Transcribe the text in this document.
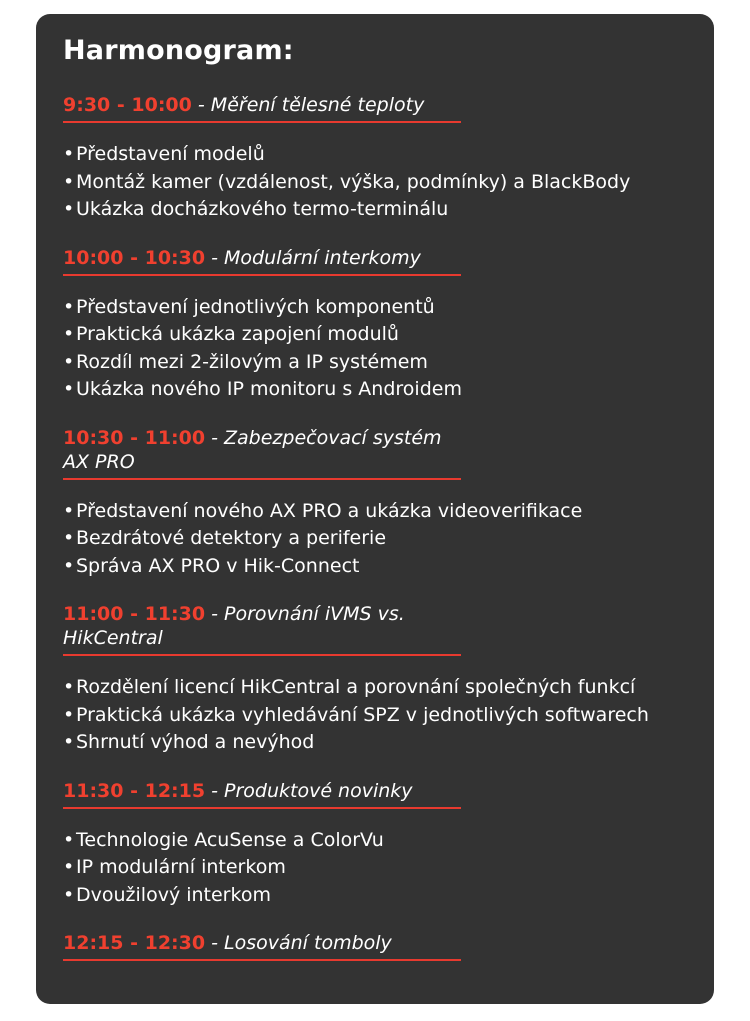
Harmonogram:
9:30 - 10:00 - Měření tělesné teploty
•Představení modelů
•Montáž kamer (vzdálenost, výška, podmínky) a BlackBody
•Ukázka docházkového termo-terminálu
10:00 - 10:30 - Modulární interkomy
•Představení jednotlivých komponentů
•Praktická ukázka zapojení modulů
•Rozdíl mezi 2-žilovým a IP systémem
•Ukázka nového IP monitoru s Androidem
10:30 - 11:00 - Zabezpečovací systém AX PRO
•Představení nového AX PRO a ukázka videoverifikace
•Bezdrátové detektory a periferie
•Správa AX PRO v Hik-Connect
11:00 - 11:30 - Porovnání iVMS vs. HikCentral
•Rozdělení licencí HikCentral a porovnání společných funkcí
•Praktická ukázka vyhledávání SPZ v jednotlivých softwarech
•Shrnutí výhod a nevýhod
11:30 - 12:15 - Produktové novinky
•Technologie AcuSense a ColorVu
•IP modulární interkom
•Dvoužilový interkom
12:15 - 12:30 - Losování tomboly
